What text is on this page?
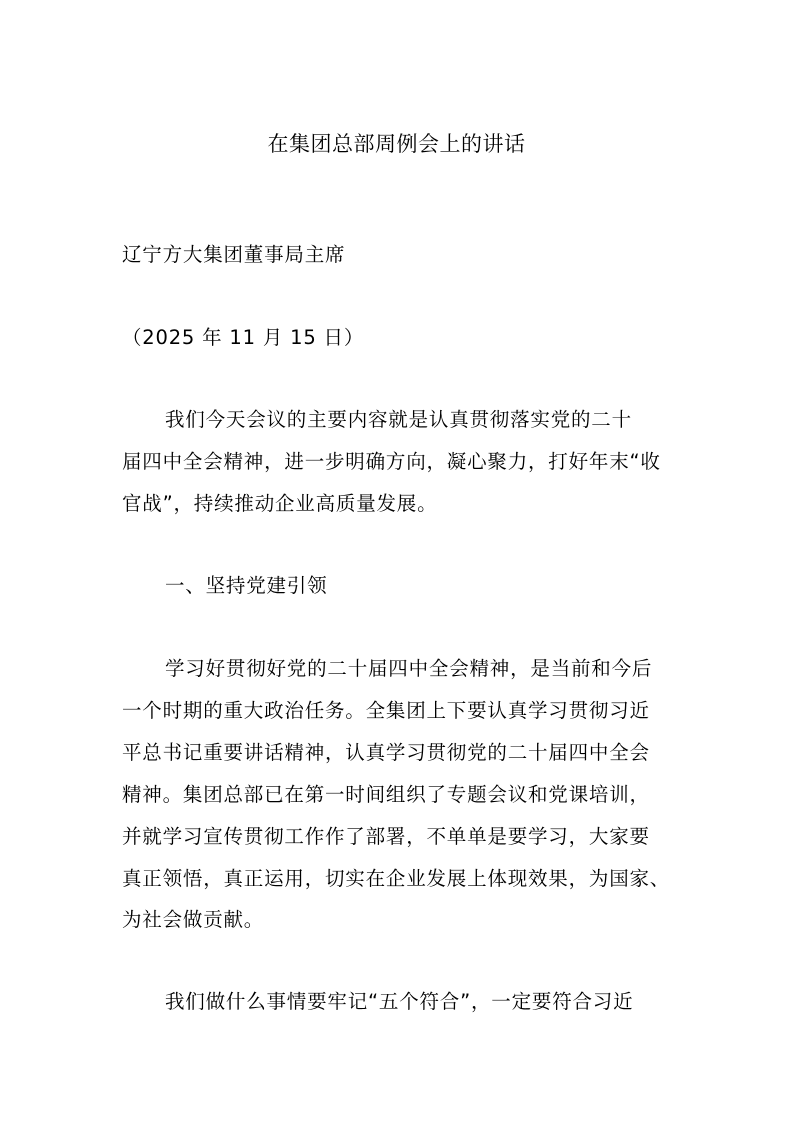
在集团总部周例会上的讲话
辽宁方大集团董事局主席
（2025 年 11 月 15 日）
我们今天会议的主要内容就是认真贯彻落实党的二十
届四中全会精神，进一步明确方向，凝心聚力，打好年末“收
官战”，持续推动企业高质量发展。
一、坚持党建引领
学习好贯彻好党的二十届四中全会精神，是当前和今后
一个时期的重大政治任务。全集团上下要认真学习贯彻习近
平总书记重要讲话精神，认真学习贯彻党的二十届四中全会
精神。集团总部已在第一时间组织了专题会议和党课培训，
并就学习宣传贯彻工作作了部署，不单单是要学习，大家要
真正领悟，真正运用，切实在企业发展上体现效果，为国家、
为社会做贡献。
我们做什么事情要牢记“五个符合”，一定要符合习近
